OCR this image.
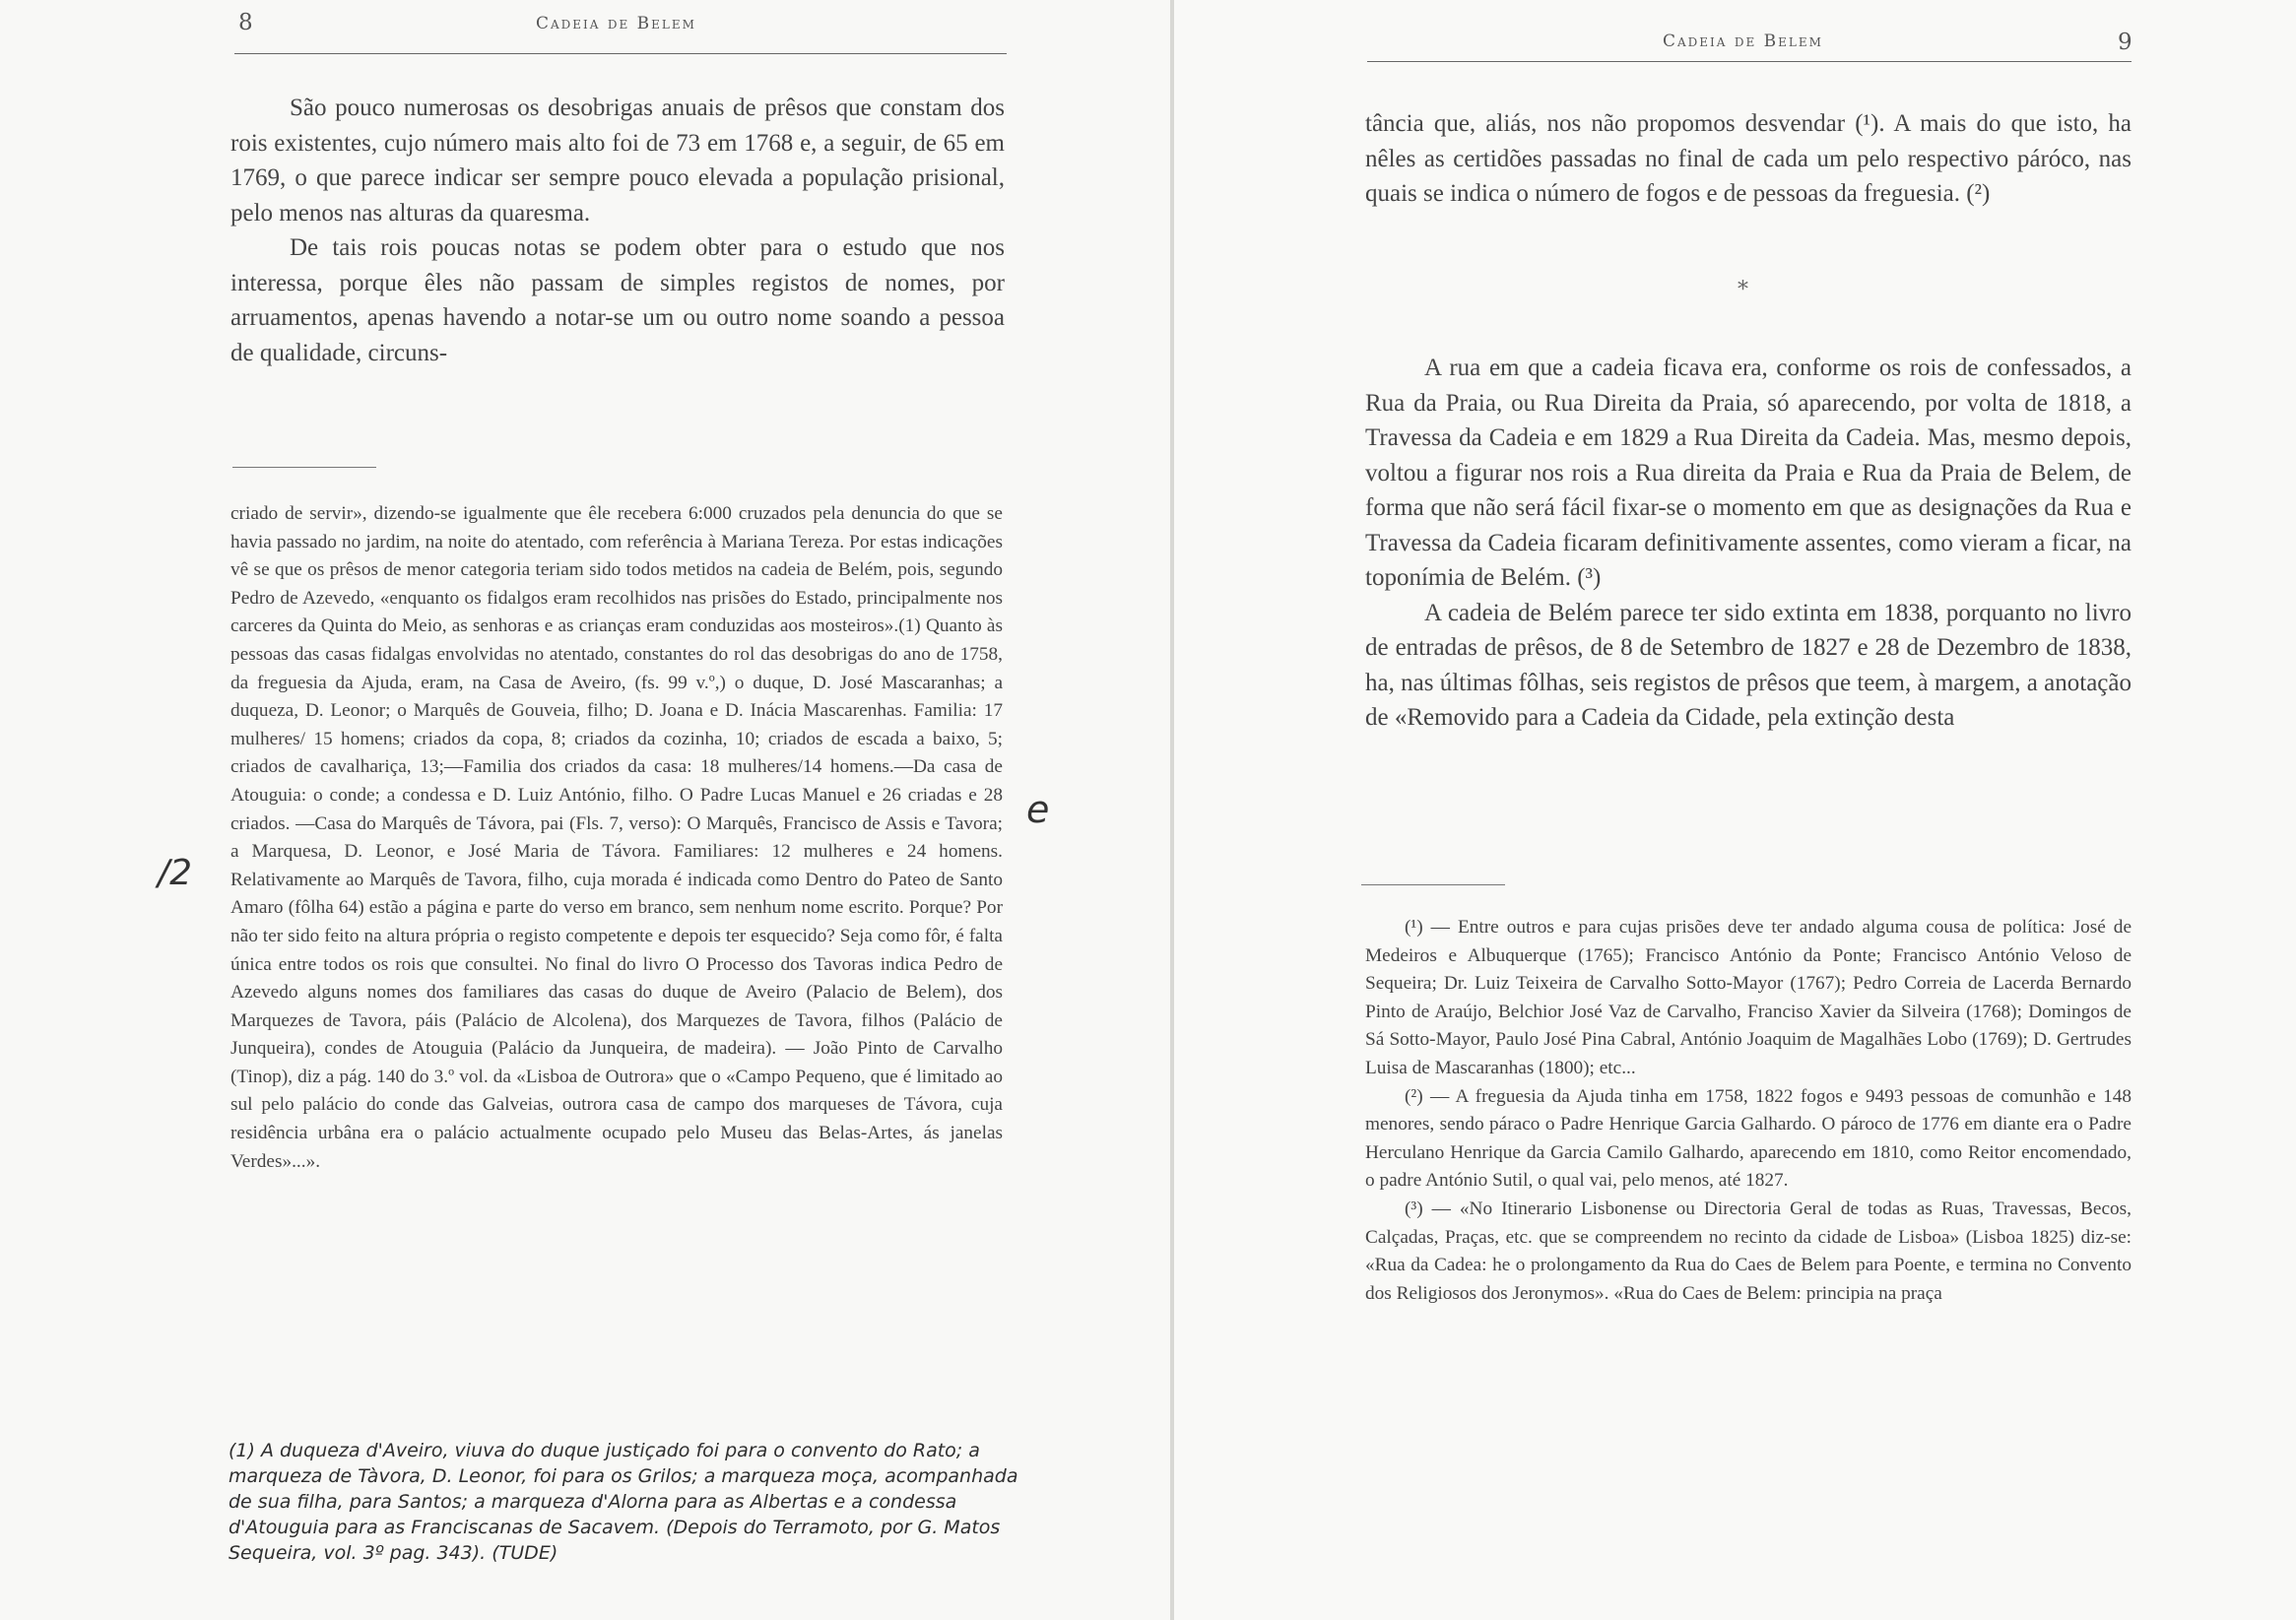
8	Cadeia de Belem

São pouco numerosas os desobrigas anuais de prêsos que constam dos rois existentes, cujo número mais alto foi de 73 em 1768 e, a seguir, de 65 em 1769, o que parece indicar ser sempre pouco elevada a população prisional, pelo menos nas alturas da quaresma.

De tais rois poucas notas se podem obter para o estudo que nos interessa, porque êles não passam de simples registos de nomes, por arruamentos, apenas havendo a notar-se um ou outro nome soando a pessoa de qualidade, circuns-

criado de servir», dizendo-se igualmente que êle recebera 6:000 cruzados pela denuncia do que se havia passado no jardim, na noite do atentado, com referência à Mariana Tereza. Por estas indicações vê se que os prêsos de menor categoria teriam sido todos metidos na cadeia de Belém, pois, segundo Pedro de Azevedo, «enquanto os fidalgos eram recolhidos nas prisões do Estado, principalmente nos carceres da Quinta do Meio, as senhoras e as crianças eram conduzidas aos mosteiros».(1) Quanto às pessoas das casas fidalgas envolvidas no atentado, constantes do rol das desobrigas do ano de 1758, da freguesia da Ajuda, eram, na Casa de Aveiro, (fs. 99 v.º,) o duque, D. José Mascaranhas; a duqueza, D. Leonor; o Marquês de Gouveia, filho; D. Joana e D. Inácia Mascarenhas. Familia: 17 mulheres/ 15 homens; criados da copa, 8; criados da cozinha, 10; criados de escada a baixo, 5; criados de cavalhariça, 13;—Familia dos criados da casa: 18 mulheres/14 homens.—Da casa de Atouguia: o conde; a condessa e D. Luiz António, filho. O Padre Lucas Manuel e 26 criadas e 28 criados. —Casa do Marquês de Távora, pai (Fls. 7, verso): O Marquês, Francisco de Assis e Tavora; a Marquesa, D. Leonor, e José Maria de Távora. Familiares: 12 mulheres e 24 homens. Relativamente ao Marquês de Tavora, filho, cuja morada é indicada como Dentro do Pateo de Santo Amaro (fôlha 64) estão a página e parte do verso em branco, sem nenhum nome escrito. Porque? Por não ter sido feito na altura própria o registo competente e depois ter esquecido? Seja como fôr, é falta única entre todos os rois que consultei. No final do livro O Processo dos Tavoras indica Pedro de Azevedo alguns nomes dos familiares das casas do duque de Aveiro (Palacio de Belem), dos Marquezes de Tavora, páis (Palácio de Alcolena), dos Marquezes de Tavora, filhos (Palácio de Junqueira), condes de Atouguia (Palácio da Junqueira, de madeira). — João Pinto de Carvalho (Tinop), diz a pág. 140 do 3.º vol. da «Lisboa de Outrora» que o «Campo Pequeno, que é limitado ao sul pelo palácio do conde das Galveias, outrora casa de campo dos marqueses de Távora, cuja residência urbâna era o palácio actualmente ocupado pelo Museu das Belas-Artes, ás janelas Verdes»...».

e
/2
(1) A duqueza d'Aveiro, viuva do duque justiçado foi para o convento do Rato; a marqueza de Tàvora, D. Leonor, foi para os Grilos; a marqueza moça, acompanhada de sua filha, para Santos; a marqueza d'Alorna para as Albertas e a condessa d'Atouguia para as Franciscanas de Sacavem. (Depois do Terramoto, por G. Matos Sequeira, vol. 3º pag. 343). (TUDE)
Cadeia de Belem	9

tância que, aliás, nos não propomos desvendar (¹). A mais do que isto, ha nêles as certidões passadas no final de cada um pelo respectivo páróco, nas quais se indica o número de fogos e de pessoas da freguesia. (²)

*

A rua em que a cadeia ficava era, conforme os rois de confessados, a Rua da Praia, ou Rua Direita da Praia, só aparecendo, por volta de 1818, a Travessa da Cadeia e em 1829 a Rua Direita da Cadeia. Mas, mesmo depois, voltou a figurar nos rois a Rua direita da Praia e Rua da Praia de Belem, de forma que não será fácil fixar-se o momento em que as designações da Rua e Travessa da Cadeia ficaram definitivamente assentes, como vieram a ficar, na toponímia de Belém. (³)

A cadeia de Belém parece ter sido extinta em 1838, porquanto no livro de entradas de prêsos, de 8 de Setembro de 1827 e 28 de Dezembro de 1838, ha, nas últimas fôlhas, seis registos de prêsos que teem, à margem, a anotação de «Removido para a Cadeia da Cidade, pela extinção desta

(¹) — Entre outros e para cujas prisões deve ter andado alguma cousa de política: José de Medeiros e Albuquerque (1765); Francisco António da Ponte; Francisco António Veloso de Sequeira; Dr. Luiz Teixeira de Carvalho Sotto-Mayor (1767); Pedro Correia de Lacerda Bernardo Pinto de Araújo, Belchior José Vaz de Carvalho, Franciso Xavier da Silveira (1768); Domingos de Sá Sotto-Mayor, Paulo José Pina Cabral, António Joaquim de Magalhães Lobo (1769); D. Gertrudes Luisa de Mascaranhas (1800); etc...

(²) — A freguesia da Ajuda tinha em 1758, 1822 fogos e 9493 pessoas de comunhão e 148 menores, sendo páraco o Padre Henrique Garcia Galhardo. O pároco de 1776 em diante era o Padre Herculano Henrique da Garcia Camilo Galhardo, aparecendo em 1810, como Reitor encomendado, o padre António Sutil, o qual vai, pelo menos, até 1827.

(³) — «No Itinerario Lisbonense ou Directoria Geral de todas as Ruas, Travessas, Becos, Calçadas, Praças, etc. que se compreendem no recinto da cidade de Lisboa» (Lisboa 1825) diz-se: «Rua da Cadea: he o prolongamento da Rua do Caes de Belem para Poente, e termina no Convento dos Religiosos dos Jeronymos». «Rua do Caes de Belem: principia na praça
